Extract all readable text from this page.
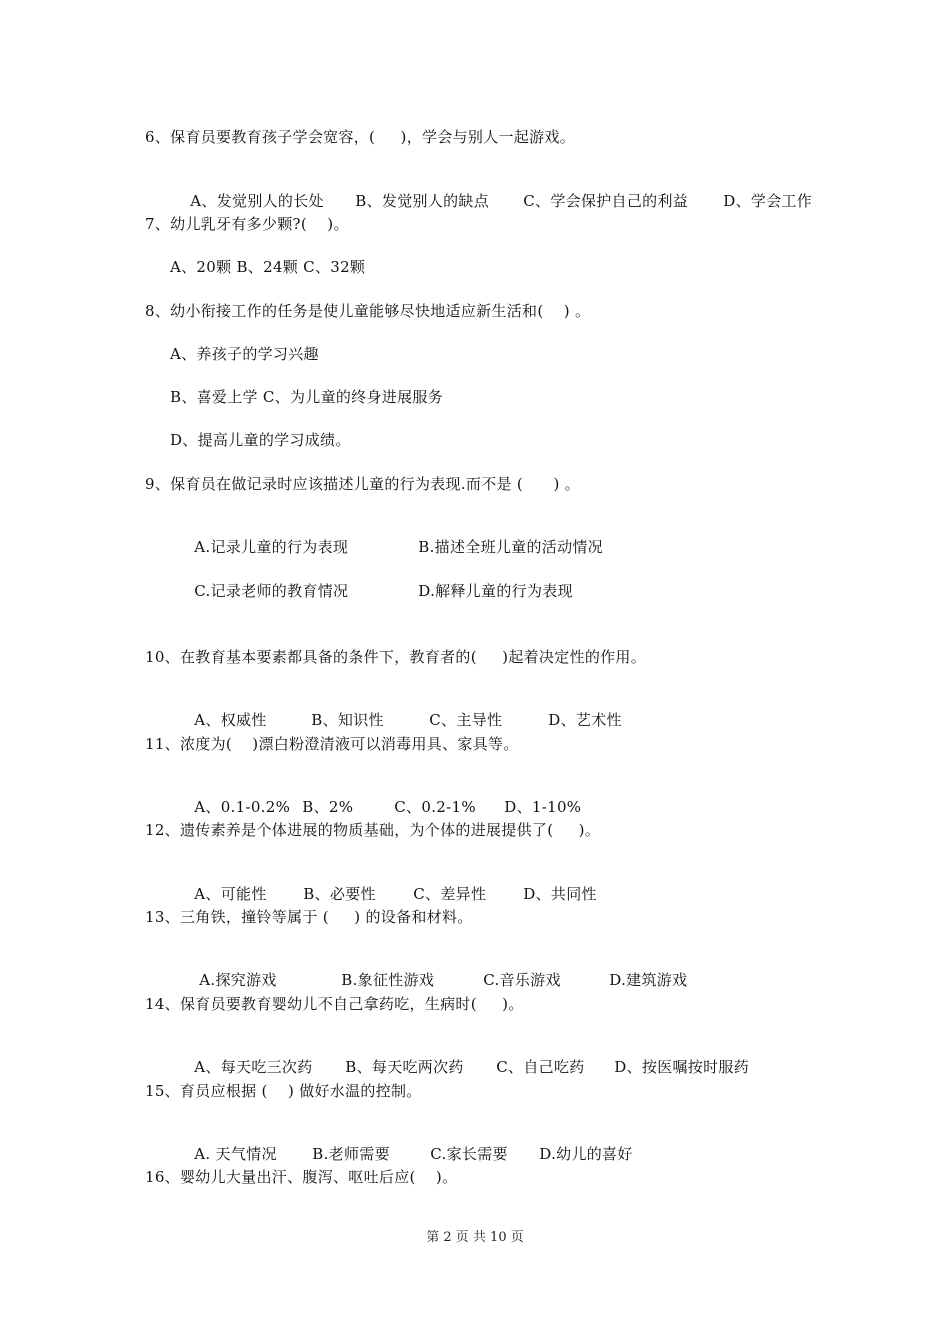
6、保育员要教育孩子学会宽容，(     )，学会与别人一起游戏。

A、发觉别人的长处 B、发觉别人的缺点 C、学会保护自己的利益 D、学会工作

7、幼儿乳牙有多少颗?(    )。
A、20颗 B、24颗 C、32颗
8、幼小衔接工作的任务是使儿童能够尽快地适应新生活和(    ) 。
A、养孩子的学习兴趣
B、喜爱上学 C、为儿童的终身进展服务
D、提高儿童的学习成绩。
9、保育员在做记录时应该描述儿童的行为表现.而不是 (      ) 。

A.记录儿童的行为表现	B.描述全班儿童的活动情况

C.记录老师的教育情况	D.解释儿童的行为表现

10、在教育基本要素都具备的条件下，教育者的(     )起着决定性的作用。

A、权威性	B、知识性	C、主导性	D、艺术性

11、浓度为(    )漂白粉澄清液可以消毒用具、家具等。

A、0.1-0.2% B、2%	C、0.2-1% D、1-10%

12、遗传素养是个体进展的物质基础，为个体的进展提供了(     )。

A、可能性 B、必要性 C、差异性 D、共同性

13、三角铁，撞铃等属于 (     ) 的设备和材料。

A.探究游戏	B.象征性游戏	C.音乐游戏	D.建筑游戏

14、保育员要教育婴幼儿不自己拿药吃，生病时(     )。

A、每天吃三次药 B、每天吃两次药 C、自己吃药 D、按医嘱按时服药

15、育员应根据 (    ) 做好水温的控制。

A. 天气情况 B.老师需要	C.家长需要 D.幼儿的喜好

16、婴幼儿大量出汗、腹泻、呕吐后应(    )。
第 2 页 共 10 页
